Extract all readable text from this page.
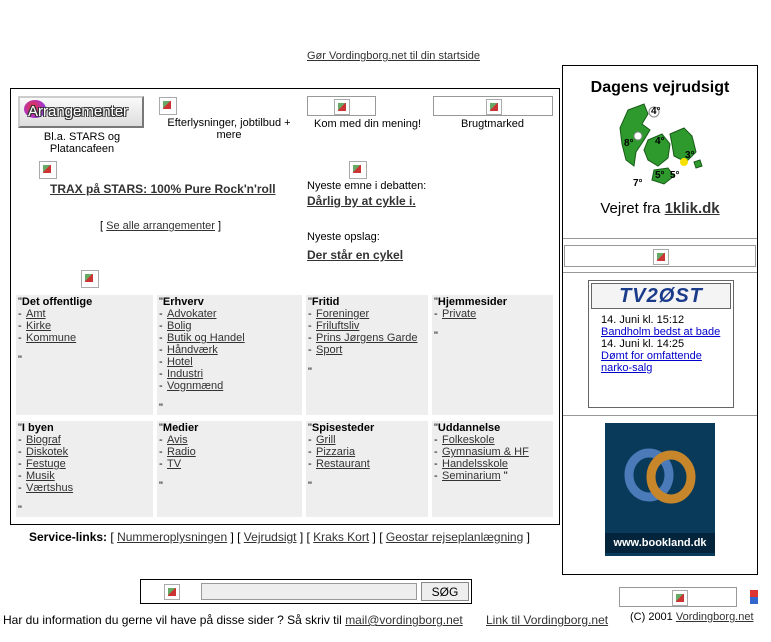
Gør Vordingborg.net til din startside
Arrangementer
Bl.a. STARS og Platancafeen

Efterlysninger, jobtilbud + mere
Kom med din mening!	Brugtmarked

TRAX på STARS: 100% Pure Rock'n'roll
[ Se alle arrangementer ]

Nyeste emne i debatten:
Dårlig by at cykle i.
Nyeste opslag:
Der står en cykel
"Det offentlige
- Amt
- Kirke
- Kommune
"
"Erhverv
- Advokater
- Bolig
- Butik og Handel
- Håndværk
- Hotel
- Industri
- Vognmænd
"
"Fritid
- Foreninger
- Friluftsliv
- Prins Jørgens Garde
- Sport
"
"Hjemmesider
- Private
"
"I byen
- Biograf
- Diskotek
- Festuge
- Musik
- Værtshus
"
"Medier
- Avis
- Radio
- TV
"
"Spisesteder
- Grill
- Pizzaria
- Restaurant
"
"Uddannelse
- Folkeskole
- Gymnasium & HF
- Handelsskole
- Seminarium "
Service-links: [ Nummeroplysningen ] [ Vejrudsigt ] [ Kraks Kort ] [ Geostar rejseplanlægning ]
Dagens vejrudsigt
4°
8° 4°
5°
3°
7°
5°
Vejret fra 1klik.dk
TV2ØST
14. Juni kl. 15:12
Bandholm bedst at bade
14. Juni kl. 14:25
Dømt for omfattende narko-salg
www.bookland.dk
SØG
Har du information du gerne vil have på disse sider ? Så skriv til mail@vordingborg.net Link til Vordingborg.net (C) 2001 Vordingborg.net
